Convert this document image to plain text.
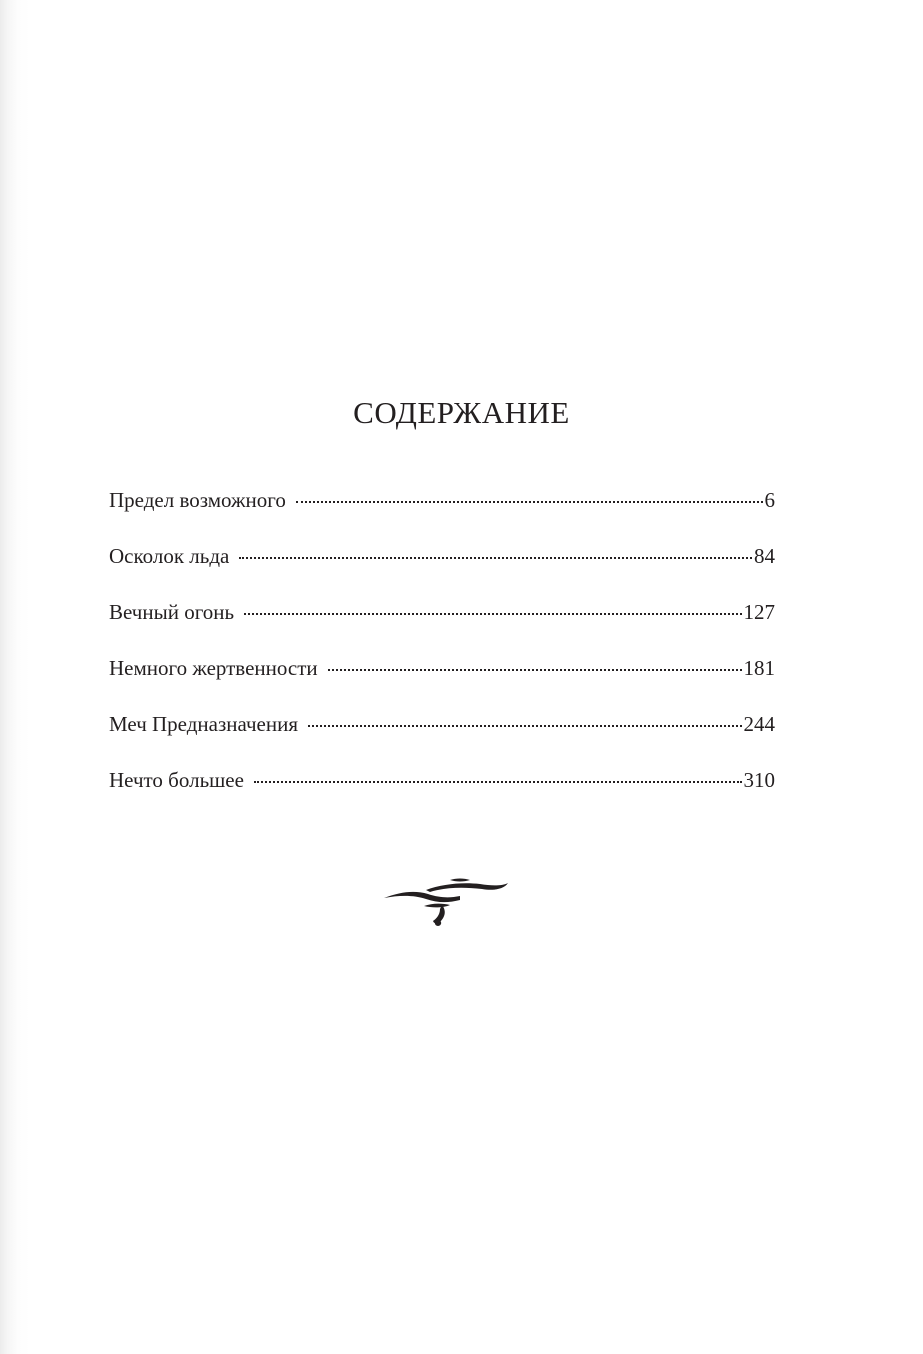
СОДЕРЖАНИЕ
Предел возможного	6
Осколок льда	84
Вечный огонь	127
Немного жертвенности	181
Меч Предназначения	244
Нечто большее	310
